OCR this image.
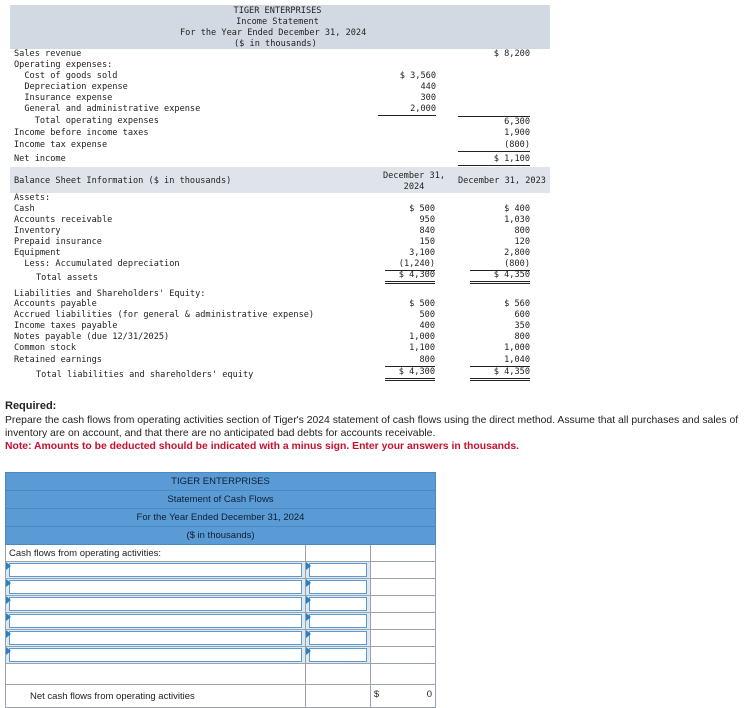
TIGER ENTERPRISES
Income Statement
For the Year Ended December 31, 2024
($ in thousands)
Sales revenue	$ 8,200
Operating expenses:
Cost of goods sold	$ 3,560
Depreciation expense	440
Insurance expense	300
General and administrative expense	2,000
Total operating expenses	6,300
Income before income taxes	1,900
Income tax expense	(800)
Net income	$ 1,100
Balance Sheet Information ($ in thousands)	December 31,
2024
December 31, 2023
Assets:
Cash	$ 500	$ 400
Accounts receivable	950	1,030
Inventory	840	800
Prepaid insurance	150	120
Equipment	3,100	2,800
Less: Accumulated depreciation	(1,240)	(800)
Total assets	$ 4,300	$ 4,350
Liabilities and Shareholders' Equity:
Accounts payable	$ 500	$ 560
Accrued liabilities (for general & administrative expense)	500	600
Income taxes payable	400	350
Notes payable (due 12/31/2025)	1,000	800
Common stock	1,100	1,000
Retained earnings	800	1,040
Total liabilities and shareholders' equity	$ 4,300	$ 4,350
Required:
Prepare the cash flows from operating activities section of Tiger's 2024 statement of cash flows using the direct method. Assume that all purchases and sales of inventory are on account, and that there are no anticipated bad debts for accounts receivable.
Note: Amounts to be deducted should be indicated with a minus sign. Enter your answers in thousands.
TIGER ENTERPRISES		
Statement of Cash Flows		
For the Year Ended December 31, 2024		
($ in thousands)		
Cash flows from operating activities:		

Net cash flows from operating activities		$ 0
